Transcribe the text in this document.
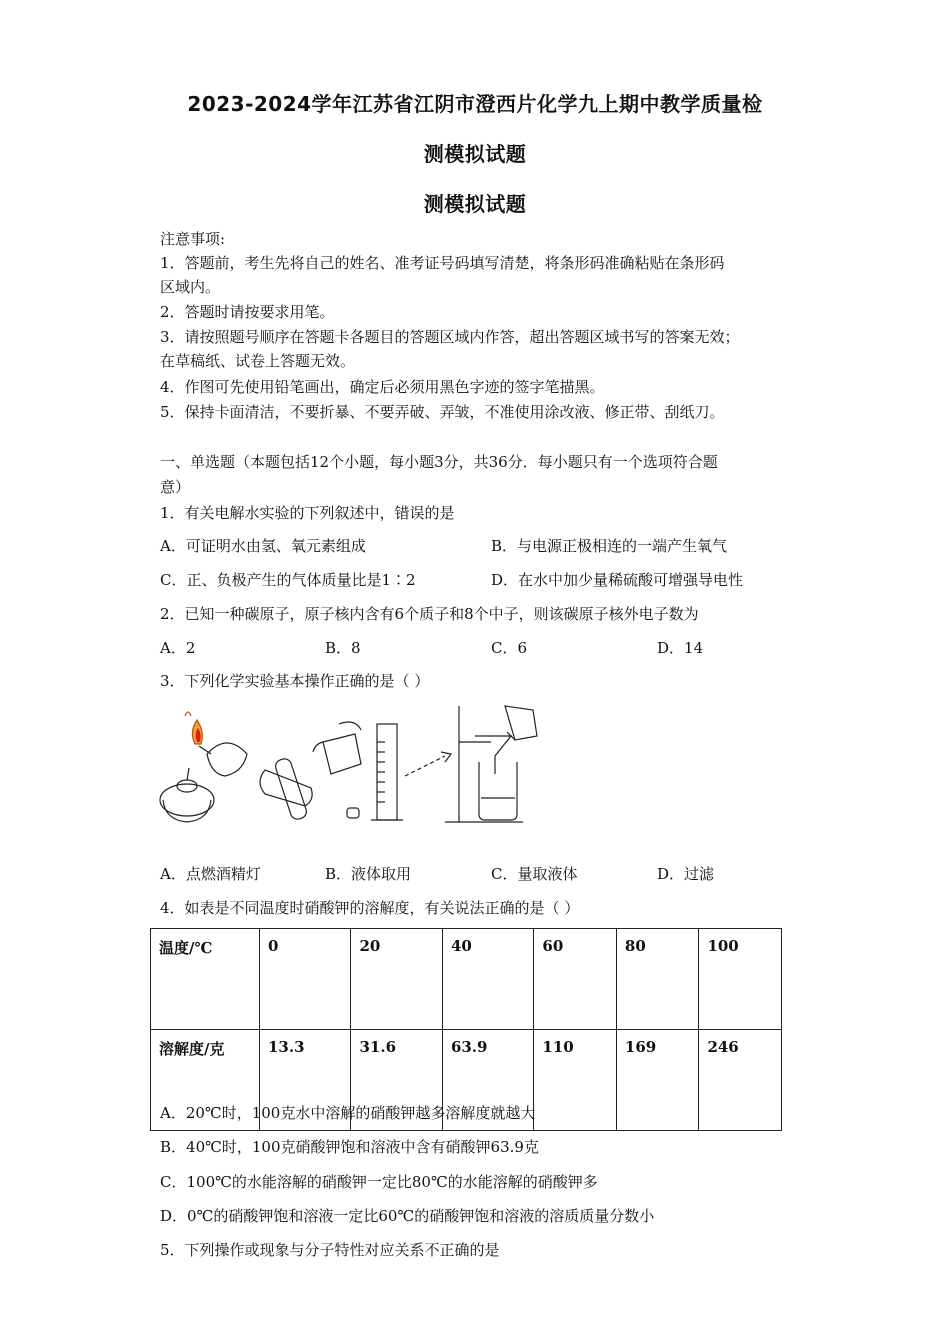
2023-2024学年江苏省江阴市澄西片化学九上期中教学质量检
测模拟试题
测模拟试题
注意事项:
1．答题前，考生先将自己的姓名、准考证号码填写清楚，将条形码准确粘贴在条形码
区域内。
2．答题时请按要求用笔。
3．请按照题号顺序在答题卡各题目的答题区域内作答，超出答题区域书写的答案无效；
在草稿纸、试卷上答题无效。
4．作图可先使用铅笔画出，确定后必须用黑色字迹的签字笔描黑。
5．保持卡面清洁，不要折暴、不要弄破、弄皱，不准使用涂改液、修正带、刮纸刀。
一、单选题（本题包括12个小题，每小题3分，共36分．每小题只有一个选项符合题
意）
1．有关电解水实验的下列叙述中，错误的是
A．可证明水由氢、氧元素组成	B．与电源正极相连的一端产生氧气
C．正、负极产生的气体质量比是1∶2	D．在水中加少量稀硫酸可增强导电性
2．已知一种碳原子，原子核内含有6个质子和8个中子，则该碳原子核外电子数为
A．2	B．8	C．6	D．14
3．下列化学实验基本操作正确的是（ ）
A．点燃酒精灯	B．液体取用	C．量取液体	D．过滤
4．如表是不同温度时硝酸钾的溶解度，有关说法正确的是（ ）
温度/℃	0	20	40	60	80	100
溶解度/克	13.3	31.6	63.9	110	169	246
A．20℃时，100克水中溶解的硝酸钾越多溶解度就越大
B．40℃时，100克硝酸钾饱和溶液中含有硝酸钾63.9克
C．100℃的水能溶解的硝酸钾一定比80℃的水能溶解的硝酸钾多
D．0℃的硝酸钾饱和溶液一定比60℃的硝酸钾饱和溶液的溶质质量分数小
5．下列操作或现象与分子特性对应关系不正确的是
